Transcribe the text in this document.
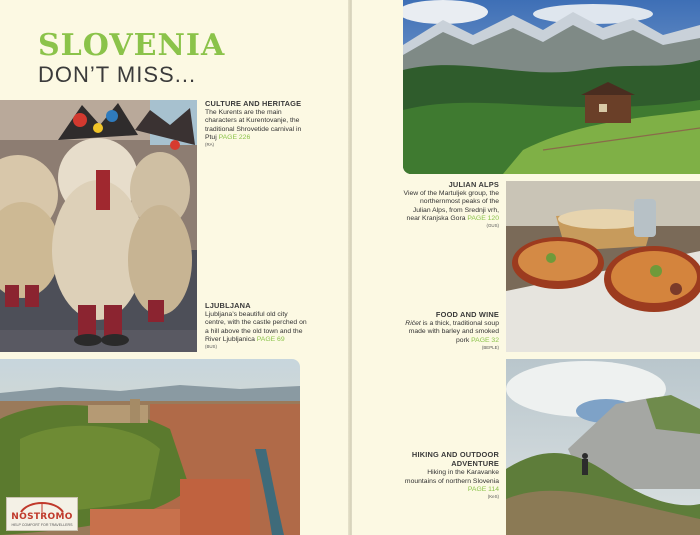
SLOVENIA
DON’T MISS...
CULTURE AND HERITAGE
The Kurents are the main characters at Kurentovanje, the traditional Shrovetide carnival in Ptuj PAGE 226
(RA)
LJUBLJANA
Ljubljana’s beautiful old city centre, with the castle perched on a hill above the old town and the River Ljubljanica PAGE 69
(BUS)
NOSTROMO
HELP COMFORT FOR TRAVELLERS
JULIAN ALPS
View of the Martuljek group, the northernmost peaks of the Julian Alps, from Srednji vrh, near Kranjska Gora PAGE 120
(GUS)
FOOD AND WINE
Ričet is a thick, traditional soup made with barley and smoked pork PAGE 32
(BEPLE)
HIKING AND OUTDOOR ADVENTURE
Hiking in the Karavanke mountains of northern Slovenia PAGE 114
(KeS)
